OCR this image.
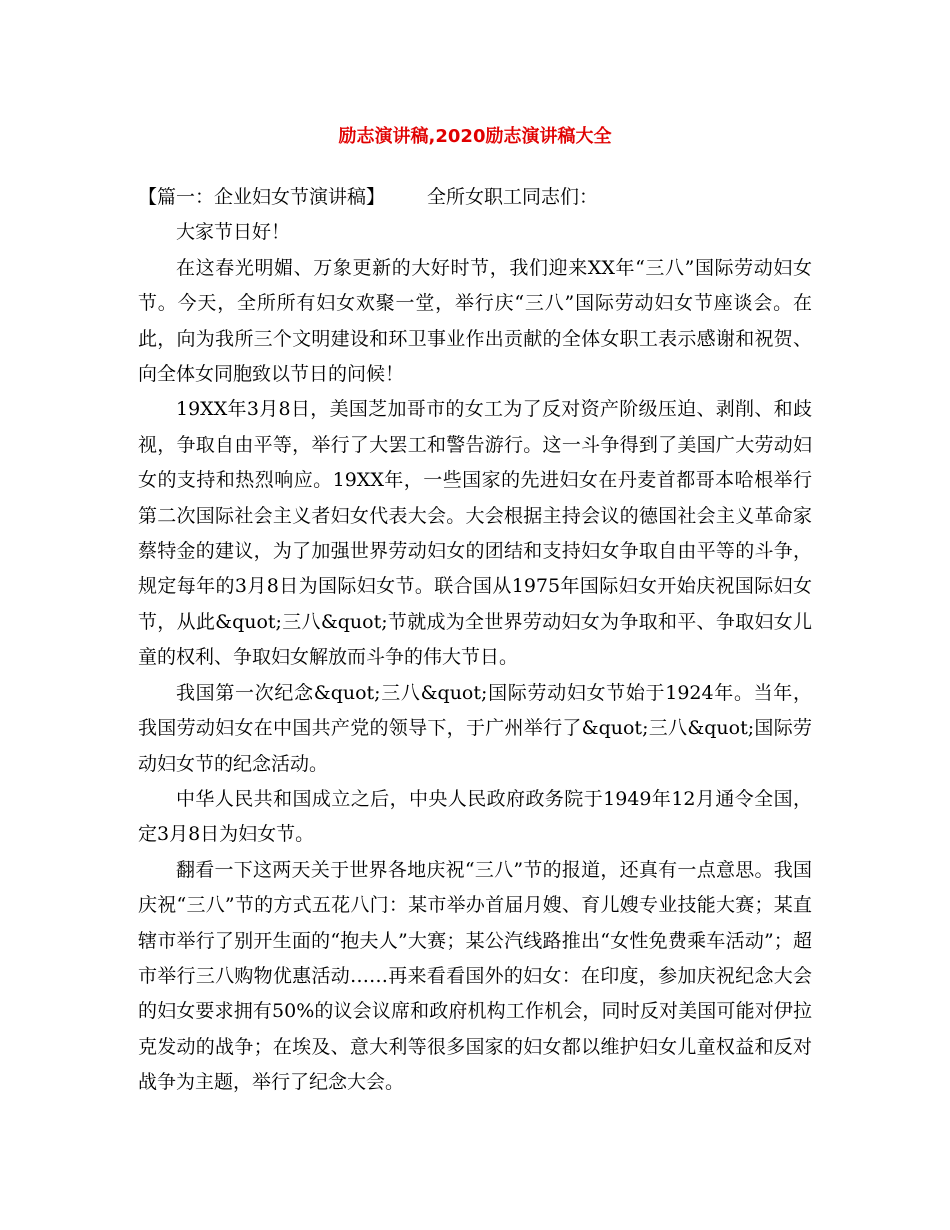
励志演讲稿,2020励志演讲稿大全

【篇一：企业妇女节演讲稿】 全所女职工同志们：

大家节日好！

在这春光明媚、万象更新的大好时节，我们迎来XX年“三八”国际劳动妇女节。今天，全所所有妇女欢聚一堂，举行庆“三八”国际劳动妇女节座谈会。在此，向为我所三个文明建设和环卫事业作出贡献的全体女职工表示感谢和祝贺、向全体女同胞致以节日的问候！

19XX年3月8日，美国芝加哥市的女工为了反对资产阶级压迫、剥削、和歧视，争取自由平等，举行了大罢工和警告游行。这一斗争得到了美国广大劳动妇女的支持和热烈响应。19XX年，一些国家的先进妇女在丹麦首都哥本哈根举行第二次国际社会主义者妇女代表大会。大会根据主持会议的德国社会主义革命家蔡特金的建议，为了加强世界劳动妇女的团结和支持妇女争取自由平等的斗争，规定每年的3月8日为国际妇女节。联合国从1975年国际妇女开始庆祝国际妇女节，从此&quot;三八&quot;节就成为全世界劳动妇女为争取和平、争取妇女儿童的权利、争取妇女解放而斗争的伟大节日。

我国第一次纪念&quot;三八&quot;国际劳动妇女节始于1924年。当年，我国劳动妇女在中国共产党的领导下，于广州举行了&quot;三八&quot;国际劳动妇女节的纪念活动。

中华人民共和国成立之后，中央人民政府政务院于1949年12月通令全国，定3月8日为妇女节。

翻看一下这两天关于世界各地庆祝“三八”节的报道，还真有一点意思。我国庆祝“三八”节的方式五花八门：某市举办首届月嫂、育儿嫂专业技能大赛；某直辖市举行了别开生面的“抱夫人”大赛；某公汽线路推出“女性免费乘车活动”；超市举行三八购物优惠活动……再来看看国外的妇女：在印度，参加庆祝纪念大会的妇女要求拥有50%的议会议席和政府机构工作机会，同时反对美国可能对伊拉克发动的战争；在埃及、意大利等很多国家的妇女都以维护妇女儿童权益和反对战争为主题，举行了纪念大会。
